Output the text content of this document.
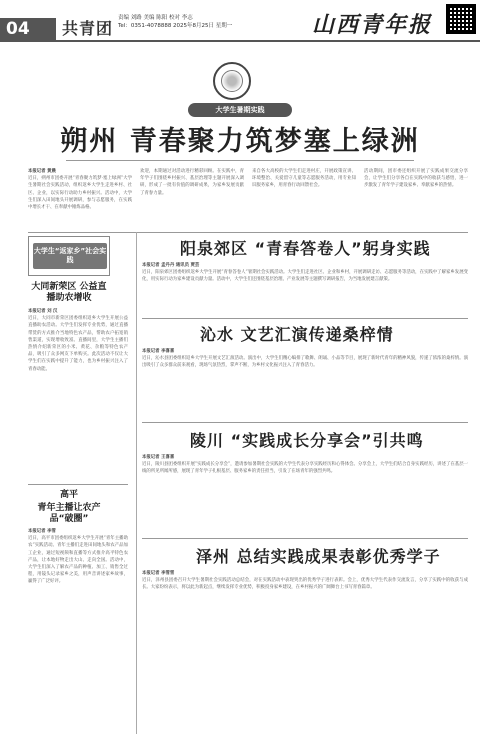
04	共青团
责编 刘路 美编 陈阳 校对 李志
Tel：0351-4078888 2025年8月25日 星期一	山西青年报
大学生暑期实践
朔州 青春聚力筑梦塞上绿洲
本报记者 黄晨
近日，朔州市团委开展“青春聚力筑梦·塞上绿洲”大学生暑期社会实践活动，组织返乡大学生走进乡村、社区、企业，以实际行动助力乡村振兴。活动中，大学生们深入田间地头开展调研，参与志愿服务，在实践中增长才干、在奉献中锤炼品格。
欢迎，本期通过对活动进行精彩回顾。在实践中，青年学子们围绕乡村振兴、基层治理等主题开展深入调研，形成了一批有价值的调研成果，为家乡发展贡献了青春力量。
来自各大高校的大学生们走进村庄，开展政策宣讲、环境整治、关爱留守儿童等志愿服务活动，用专业知识服务家乡，用青春行动回馈社会。
活动期间，团市委还组织开展了实践成果交流分享会，让学生们分享各自在实践中的收获与感悟，进一步激发了青年学子建设家乡、奉献家乡的热情。
大学生“返家乡”社会实践
大同新荣区 公益直播助农增收
本报记者 刘 汉
近日，大同市新荣区团委组织返乡大学生开展公益直播助农活动。大学生们发挥专业优势，通过直播带货的方式推介当地特色农产品，帮助农户拓宽销售渠道，实现增收致富。直播间里，大学生主播们热情介绍新荣区的小米、黄花、杂粮等特色农产品，吸引了众多网友下单购买。此次活动不仅让大学生们在实践中提升了能力，也为乡村振兴注入了青春动能。
高平
青年主播让农产品“破圈”
本报记者 李雪
近日，高平市团委组织返乡大学生开展“青年主播助农”实践活动。青年主播们走进田间地头和农产品加工企业，通过短视频和直播等方式推介高平特色农产品，让本地好物走出大山、走向全国。活动中，大学生们深入了解农产品的种植、加工、销售全过程，用镜头记录家乡之美，用声音讲述家乡故事，赢得了广泛好评。
阳泉郊区 “青春答卷人”躬身实践
本报记者 孟丹丹 通讯员 贾芸
近日，阳泉郊区团委组织返乡大学生开展“青春答卷人”暑期社会实践活动。大学生们走进社区、企业和乡村，开展调研走访、志愿服务等活动，在实践中了解家乡发展变化，用实际行动为家乡建设贡献力量。活动中，大学生们还围绕基层治理、产业发展等主题撰写调研报告，为当地发展建言献策。
沁水 文艺汇演传递桑梓情
本报记者 李喜喜
近日，沁水县团委组织返乡大学生开展文艺汇演活动。演出中，大学生们精心编排了歌舞、朗诵、小品等节目，展现了新时代青年的精神风貌，传递了浓浓的桑梓情。演出吸引了众多群众前来观看，现场气氛热烈，掌声不断，为乡村文化振兴注入了青春活力。
陵川 “实践成长分享会”引共鸣
本报记者 王喜喜
近日，陵川县团委组织开展“实践成长分享会”，邀请参加暑期社会实践的大学生代表分享实践经历和心得体会。分享会上，大学生们结合自身实践经历，讲述了在基层一线的所见所闻所感，展现了青年学子扎根基层、服务家乡的责任担当，引发了在场青年的强烈共鸣。
泽州 总结实践成果表彰优秀学子
本报记者 李雪雪
近日，泽州县团委召开大学生暑期社会实践活动总结会，对在实践活动中表现突出的优秀学子进行表彰。会上，优秀大学生代表作交流发言，分享了实践中的收获与成长。大家纷纷表示，将以此为新起点，继续发挥专业优势，积极投身家乡建设，在乡村振兴的广阔舞台上书写青春篇章。
